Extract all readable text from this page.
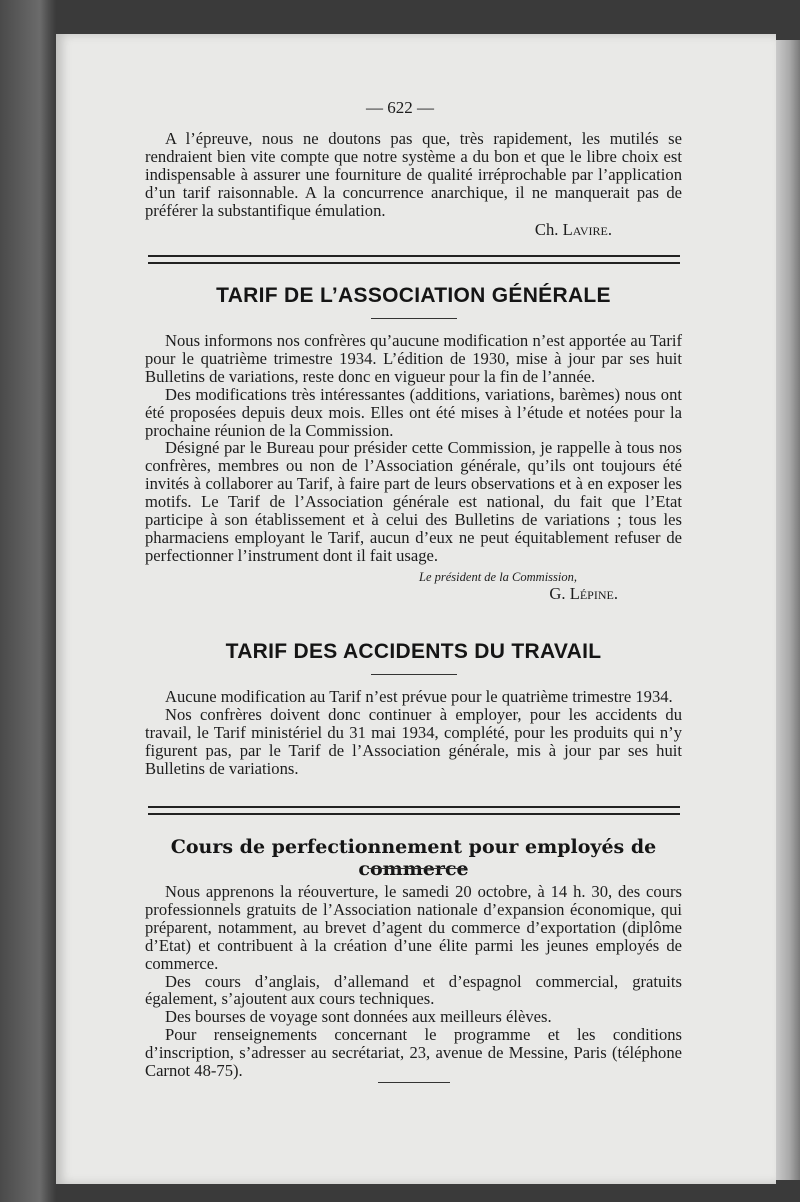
— 622 —

A l’épreuve, nous ne doutons pas que, très rapidement, les mutilés se rendraient bien vite compte que notre système a du bon et que le libre choix est indispensable à assurer une fourniture de qualité irréprochable par l’application d’un tarif raisonnable. A la concurrence anarchique, il ne manquerait pas de préférer la substantifique émulation.

Ch. Lavire.

TARIF DE L’ASSOCIATION GÉNÉRALE

Nous informons nos confrères qu’aucune modification n’est apportée au Tarif pour le quatrième trimestre 1934. L’édition de 1930, mise à jour par ses huit Bulletins de variations, reste donc en vigueur pour la fin de l’année.

Des modifications très intéressantes (additions, variations, barèmes) nous ont été proposées depuis deux mois. Elles ont été mises à l’étude et notées pour la prochaine réunion de la Commission.

Désigné par le Bureau pour présider cette Commission, je rappelle à tous nos confrères, membres ou non de l’Association générale, qu’ils ont toujours été invités à collaborer au Tarif, à faire part de leurs observations et à en exposer les motifs. Le Tarif de l’Association générale est national, du fait que l’Etat participe à son établissement et à celui des Bulletins de variations ; tous les pharmaciens employant le Tarif, aucun d’eux ne peut équitablement refuser de perfectionner l’instrument dont il fait usage.

Le président de la Commission,

G. Lépine.

TARIF DES ACCIDENTS DU TRAVAIL

Aucune modification au Tarif n’est prévue pour le quatrième trimestre 1934.

Nos confrères doivent donc continuer à employer, pour les accidents du travail, le Tarif ministériel du 31 mai 1934, complété, pour les produits qui n’y figurent pas, par le Tarif de l’Association générale, mis à jour par ses huit Bulletins de variations.

Cours de perfectionnement pour employés de commerce

Nous apprenons la réouverture, le samedi 20 octobre, à 14 h. 30, des cours professionnels gratuits de l’Association nationale d’expansion économique, qui préparent, notamment, au brevet d’agent du commerce d’exportation (diplôme d’Etat) et contribuent à la création d’une élite parmi les jeunes employés de commerce.

Des cours d’anglais, d’allemand et d’espagnol commercial, gratuits également, s’ajoutent aux cours techniques.

Des bourses de voyage sont données aux meilleurs élèves.

Pour renseignements concernant le programme et les conditions d’inscription, s’adresser au secrétariat, 23, avenue de Messine, Paris (téléphone Carnot 48-75).
